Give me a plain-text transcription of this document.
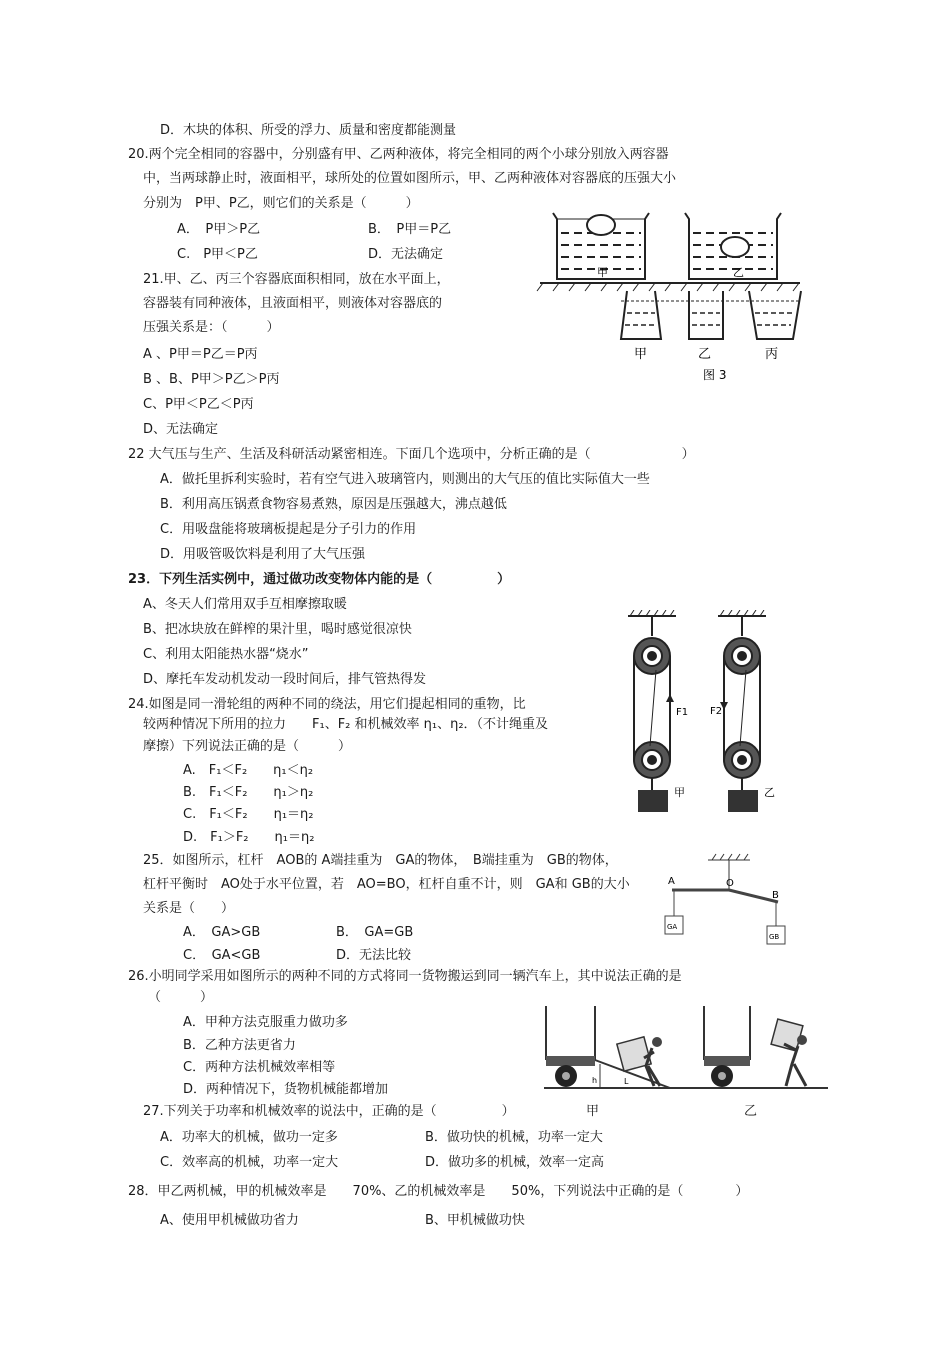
D．木块的体积、所受的浮力、质量和密度都能测量
20.两个完全相同的容器中，分别盛有甲、乙两种液体，将完全相同的两个小球分别放入两容器
中，当两球静止时，液面相平，球所处的位置如图所示，甲、乙两种液体对容器底的压强大小
分别为　P甲、P乙，则它们的关系是（　　　）
A．　P甲＞P乙	B．　P甲＝P乙
C.　P甲＜P乙	D．无法确定
21.甲、乙、丙三个容器底面积相同，放在水平面上，
容器装有同种液体，且液面相平，则液体对容器底的
压强关系是：（　　　）
A 、P甲＝P乙＝P丙
B 、B、P甲＞P乙＞P丙
C、P甲＜P乙＜P丙
D、无法确定
22 大气压与生产、生活及科研活动紧密相连。下面几个选项中，分析正确的是（　　　　　　　）
A．做托里拆利实验时，若有空气进入玻璃管内，则测出的大气压的值比实际值大一些
B．利用高压锅煮食物容易煮熟，原因是压强越大，沸点越低
C．用吸盘能将玻璃板提起是分子引力的作用
D．用吸管吸饮料是利用了大气压强
23．下列生活实例中，通过做功改变物体内能的是（　　　　　）
A、冬天人们常用双手互相摩擦取暖
B、把冰块放在鲜榨的果汁里，喝时感觉很凉快
C、利用太阳能热水器“烧水”
D、摩托车发动机发动一段时间后，排气管热得发
24.如图是同一滑轮组的两种不同的绕法，用它们提起相同的重物，比
较两种情况下所用的拉力　　F₁、F₂ 和机械效率 η₁、η₂．（不计绳重及
摩擦）下列说法正确的是（　　　）
A.　F₁＜F₂　　η₁＜η₂
B.　F₁＜F₂　　η₁＞η₂
C.　F₁＜F₂　　η₁＝η₂
D.　F₁＞F₂　　η₁＝η₂
25．如图所示，杠杆　AOB的 A端挂重为　GA的物体，　B端挂重为　GB的物体，
杠杆平衡时　AO处于水平位置，若　AO=BO，杠杆自重不计，则　GA和 GB的大小
关系是（　　）
A．　GA>GB	B．　GA=GB
C．　GA<GB	D．无法比较
26.小明同学采用如图所示的两种不同的方式将同一货物搬运到同一辆汽车上，其中说法正确的是
（　　　）
A．甲种方法克服重力做功多
B．乙种方法更省力
C．两种方法机械效率相等
D．两种情况下，货物机械能都增加
27.下列关于功率和机械效率的说法中，正确的是（　　　　　）
A．功率大的机械，做功一定多	B．做功快的机械，功率一定大
C．效率高的机械，功率一定大	D．做功多的机械，效率一定高
28．甲乙两机械，甲的机械效率是　　70%、乙的机械效率是　　50%，下列说法中正确的是（　　　　）
A、使用甲机械做功省力	B、甲机械做功快
甲	乙
甲	乙	丙
图 3
F1 F2
甲	乙
A	O
B
GA
GB
h	L
甲	乙
